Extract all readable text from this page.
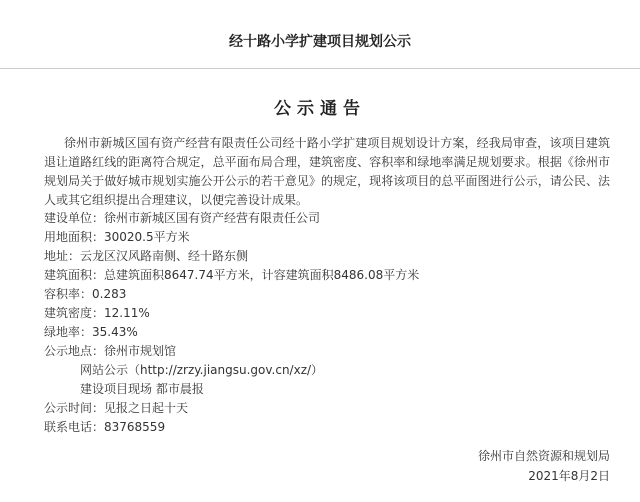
经十路小学扩建项目规划公示
公示通告
徐州市新城区国有资产经营有限责任公司经十路小学扩建项目规划设计方案，经我局审查，该项目建筑退让道路红线的距离符合规定，总平面布局合理，建筑密度、容积率和绿地率满足规划要求。根据《徐州市规划局关于做好城市规划实施公开公示的若干意见》的规定，现将该项目的总平面图进行公示，请公民、法人或其它组织提出合理建议，以便完善设计成果。
建设单位：徐州市新城区国有资产经营有限责任公司
用地面积：30020.5平方米
地址：云龙区汉风路南侧、经十路东侧
建筑面积：总建筑面积8647.74平方米，计容建筑面积8486.08平方米
容积率：0.283
建筑密度：12.11%
绿地率：35.43%
公示地点：徐州市规划馆
网站公示（http://zrzy.jiangsu.gov.cn/xz/）
建设项目现场 都市晨报
公示时间：见报之日起十天
联系电话：83768559
徐州市自然资源和规划局
2021年8月2日
